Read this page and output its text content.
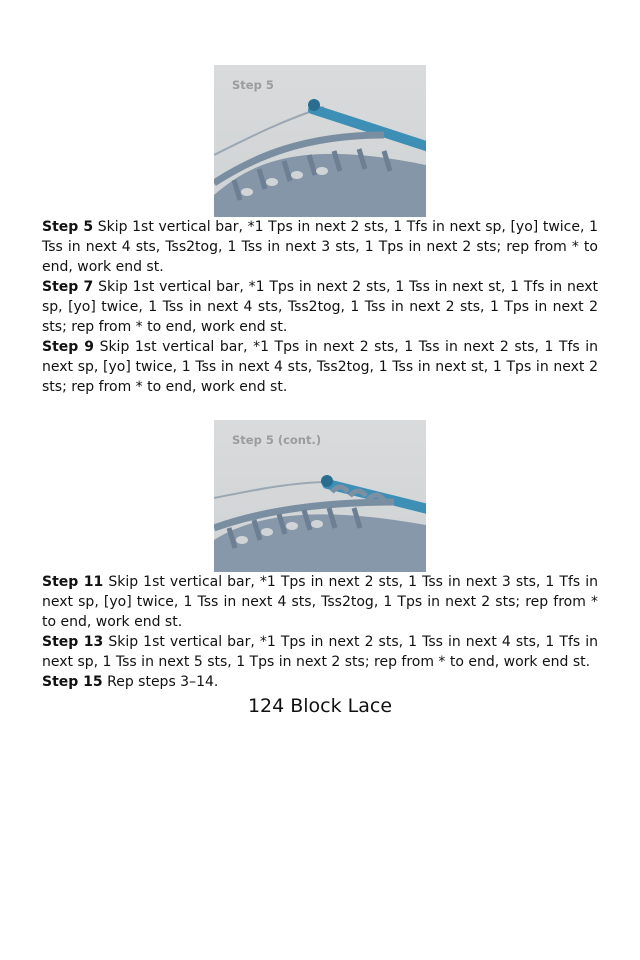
Step 5

Step 5 Skip 1st vertical bar, *1 Tps in next 2 sts, 1 Tfs in next sp, [yo] twice, 1 Tss in next 4 sts, Tss2tog, 1 Tss in next 3 sts, 1 Tps in next 2 sts; rep from * to end, work end st.

Step 7 Skip 1st vertical bar, *1 Tps in next 2 sts, 1 Tss in next st, 1 Tfs in next sp, [yo] twice, 1 Tss in next 4 sts, Tss2tog, 1 Tss in next 2 sts, 1 Tps in next 2 sts; rep from * to end, work end st.

Step 9 Skip 1st vertical bar, *1 Tps in next 2 sts, 1 Tss in next 2 sts, 1 Tfs in next sp, [yo] twice, 1 Tss in next 4 sts, Tss2tog, 1 Tss in next st, 1 Tps in next 2 sts; rep from * to end, work end st.

Step 5 (cont.)

Step 11 Skip 1st vertical bar, *1 Tps in next 2 sts, 1 Tss in next 3 sts, 1 Tfs in next sp, [yo] twice, 1 Tss in next 4 sts, Tss2tog, 1 Tps in next 2 sts; rep from * to end, work end st.

Step 13 Skip 1st vertical bar, *1 Tps in next 2 sts, 1 Tss in next 4 sts, 1 Tfs in next sp, 1 Tss in next 5 sts, 1 Tps in next 2 sts; rep from * to end, work end st.

Step 15 Rep steps 3–14.

124 Block Lace
